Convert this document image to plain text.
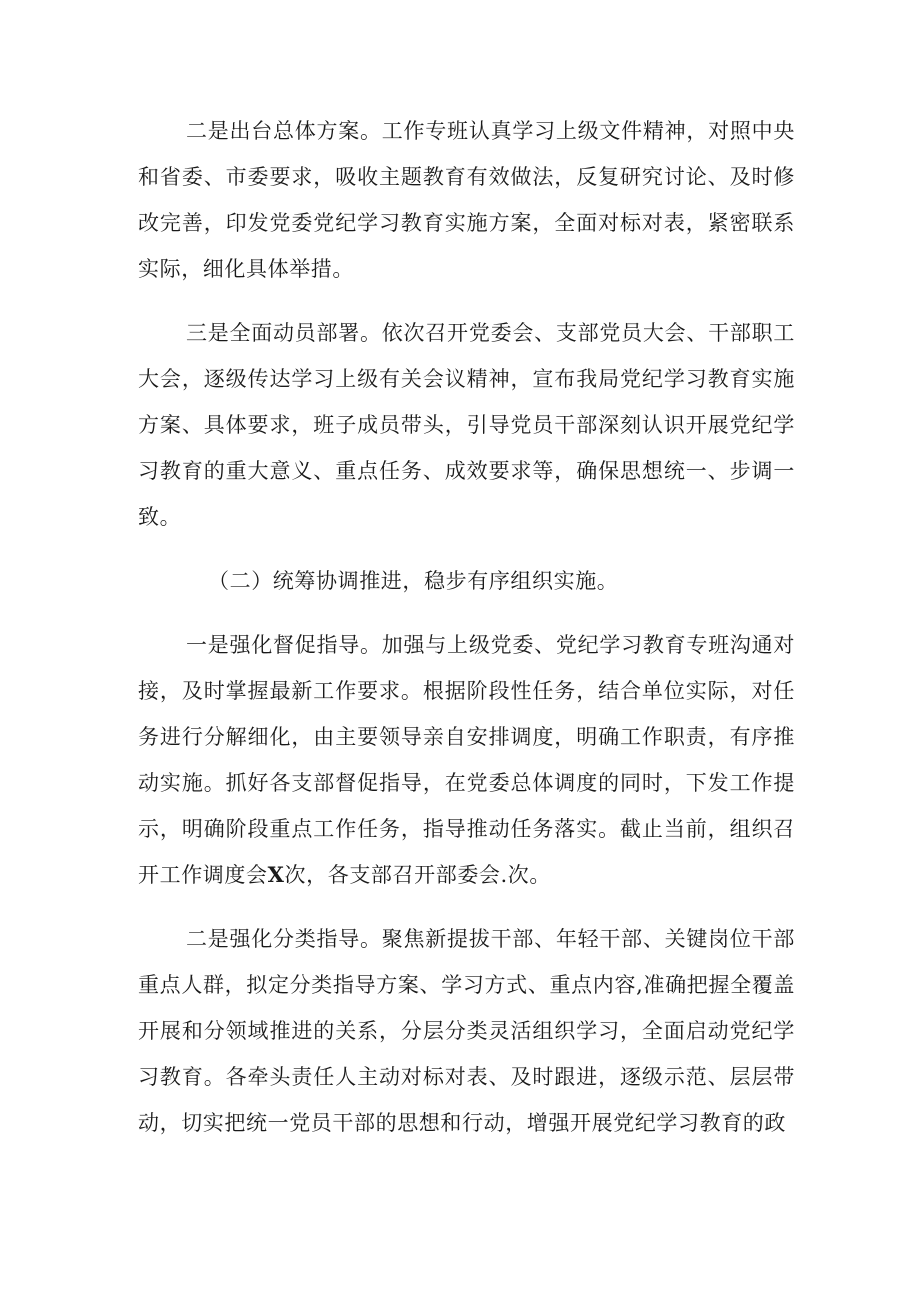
二是出台总体方案。工作专班认真学习上级文件精神，对照中央和省委、市委要求，吸收主题教育有效做法，反复研究讨论、及时修改完善，印发党委党纪学习教育实施方案，全面对标对表，紧密联系实际，细化具体举措。

三是全面动员部署。依次召开党委会、支部党员大会、干部职工大会，逐级传达学习上级有关会议精神，宣布我局党纪学习教育实施方案、具体要求，班子成员带头，引导党员干部深刻认识开展党纪学习教育的重大意义、重点任务、成效要求等，确保思想统一、步调一致。

（二）统筹协调推进，稳步有序组织实施。

一是强化督促指导。加强与上级党委、党纪学习教育专班沟通对接，及时掌握最新工作要求。根据阶段性任务，结合单位实际，对任务进行分解细化，由主要领导亲自安排调度，明确工作职责，有序推动实施。抓好各支部督促指导，在党委总体调度的同时，下发工作提示，明确阶段重点工作任务，指导推动任务落实。截止当前，组织召开工作调度会X次，各支部召开部委会.次。

二是强化分类指导。聚焦新提拔干部、年轻干部、关键岗位干部重点人群，拟定分类指导方案、学习方式、重点内容,准确把握全覆盖开展和分领域推进的关系，分层分类灵活组织学习，全面启动党纪学习教育。各牵头责任人主动对标对表、及时跟进，逐级示范、层层带动，切实把统一党员干部的思想和行动，增强开展党纪学习教育的政
